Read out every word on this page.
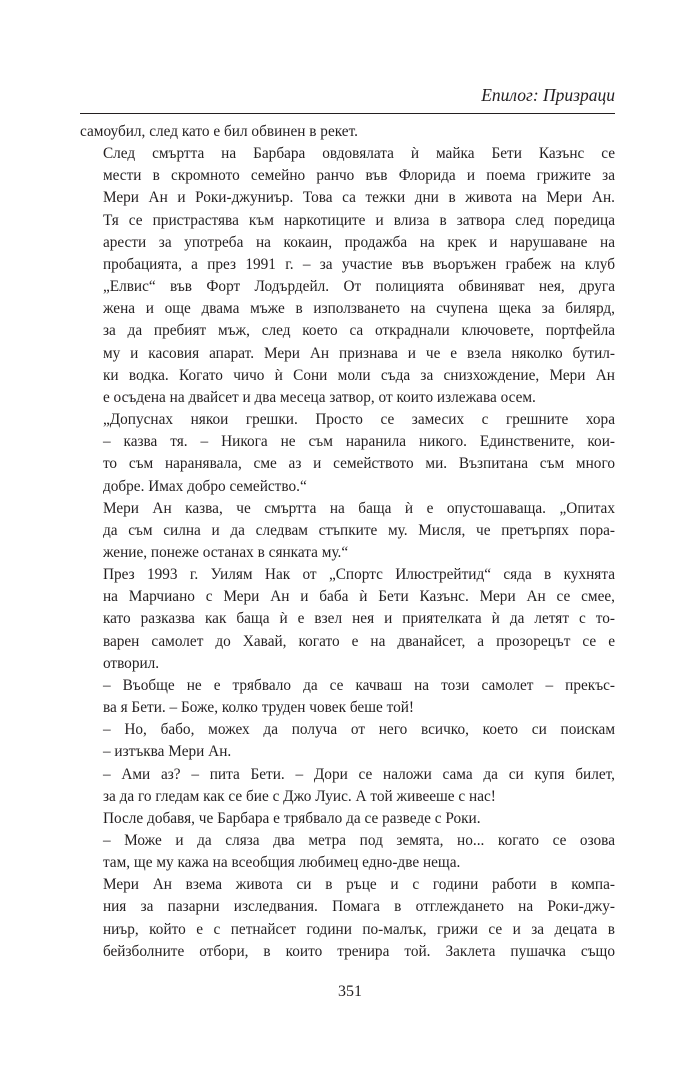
Епилог: Призраци

самоубил, след като е бил обвинен в рекет.

След смъртта на Барбара овдовялата ѝ майка Бети Казънс се
мести в скромното семейно ранчо във Флорида и поема грижите за
Мери Ан и Роки-джуниър. Това са тежки дни в живота на Мери Ан.
Тя се пристрастява към наркотиците и влиза в затвора след поредица
арести за употреба на кокаин, продажба на крек и нарушаване на
пробацията, а през 1991 г. – за участие във въоръжен грабеж на клуб
„Елвис“ във Форт Лодърдейл. От полицията обвиняват нея, друга
жена и още двама мъже в използването на счупена щека за билярд,
за да пребият мъж, след което са откраднали ключовете, портфейла
му и касовия апарат. Мери Ан признава и че е взела няколко бутил-
ки водка. Когато чичо ѝ Сони моли съда за снизхождение, Мери Ан
е осъдена на двайсет и два месеца затвор, от които излежава осем.

„Допуснах някои грешки. Просто се замесих с грешните хора
– казва тя. – Никога не съм наранила никого. Единствените, кои-
то съм наранявала, сме аз и семейството ми. Възпитана съм много
добре. Имах добро семейство.“

Мери Ан казва, че смъртта на баща ѝ е опустошаваща. „Опитах
да съм силна и да следвам стъпките му. Мисля, че претърпях пора-
жение, понеже останах в сянката му.“

През 1993 г. Уилям Нак от „Спортс Илюстрейтид“ сяда в кухнята
на Марчиано с Мери Ан и баба ѝ Бети Казънс. Мери Ан се смее,
като разказва как баща ѝ е взел нея и приятелката ѝ да летят с то-
варен самолет до Хавай, когато е на дванайсет, а прозорецът се е
отворил.

– Въобще не е трябвало да се качваш на този самолет – прекъс-
ва я Бети. – Боже, колко труден човек беше той!

– Но, бабо, можех да получа от него всичко, което си поискам
– изтъква Мери Ан.

– Ами аз? – пита Бети. – Дори се наложи сама да си купя билет,
за да го гледам как се бие с Джо Луис. А той живееше с нас!

После добавя, че Барбара е трябвало да се разведе с Роки.

– Може и да сляза два метра под земята, но... когато се озова
там, ще му кажа на всеобщия любимец едно-две неща.

Мери Ан взема живота си в ръце и с години работи в компа-
ния за пазарни изследвания. Помага в отглеждането на Роки-джу-
ниър, който е с петнайсет години по-малък, грижи се и за децата в
бейзболните отбори, в които тренира той. Заклета пушачка също

351
